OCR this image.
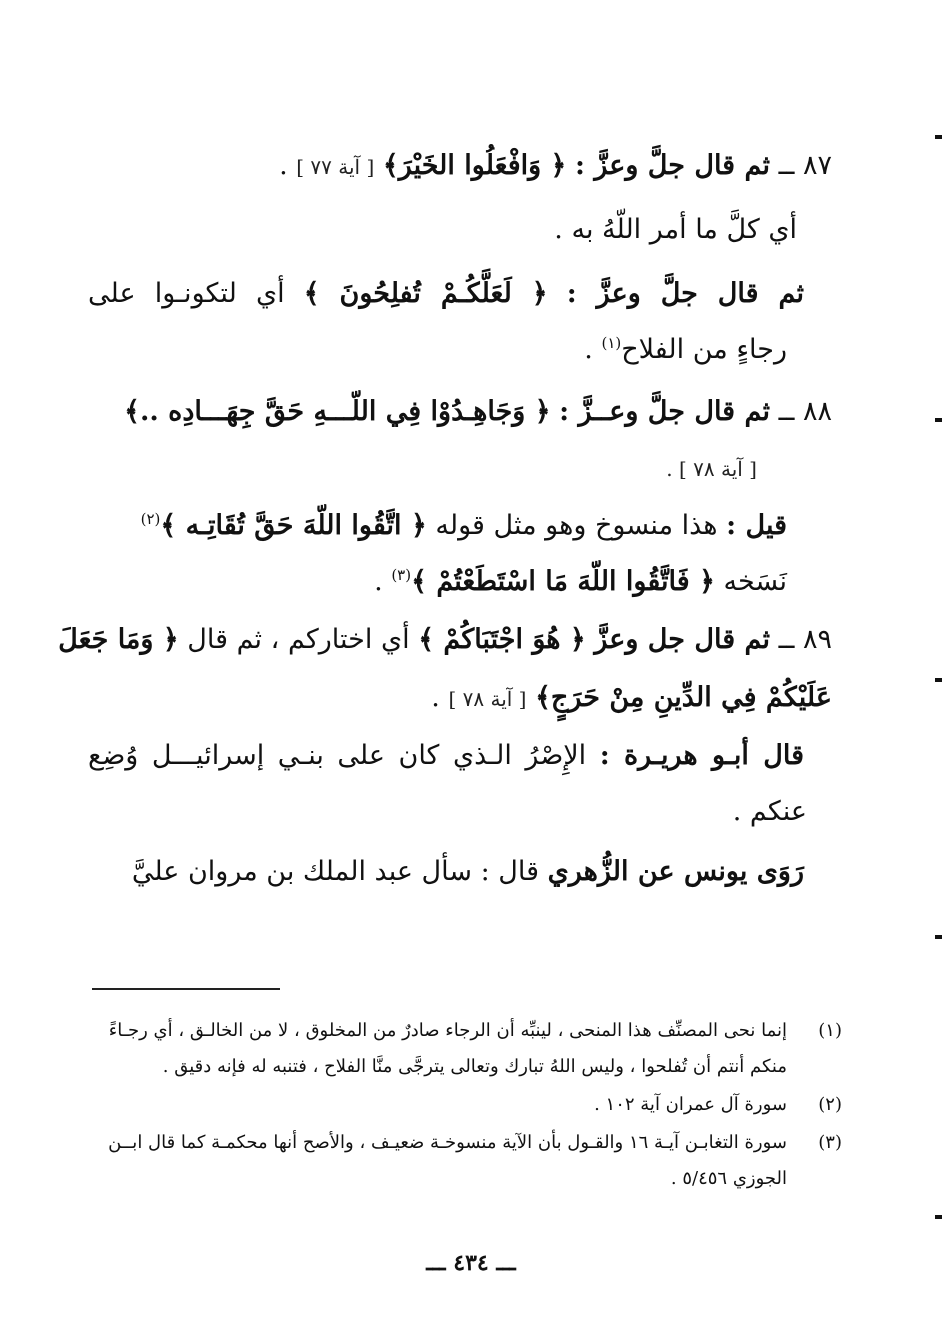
٨٧ ــ ثم قال جلَّ وعزَّ : ﴿ وَافْعَلُوا الخَيْرَ﴾ [ آية ٧٧ ] .
أي كلَّ ما أمر اللّهُ به .
ثم قال جلَّ وعزَّ : ﴿ لَعَلَّكُـمْ تُفلِحُونَ ﴾ أي لتكونـوا على
رجاءٍ من الفلاح$^{(١)}$ .
٨٨ ــ ثم قال جلَّ وعــزَّ : ﴿ وَجَاهِـدُوْا فِي اللّـــهِ حَقَّ جِهَـــادِه ..﴾
[ آية ٧٨ ] .
قيل : هذا منسوخ وهو مثل قوله ﴿ اتَّقُوا اللّهَ حَقَّ تُقَاتِـه ﴾$^{(٢)}$
نَسَخه ﴿ فَاتَّقُوا اللّهَ مَا اسْتَطَعْتُمْ ﴾$^{(٣)}$ .
٨٩ ــ ثم قال جل وعزَّ ﴿ هُوَ اجْتَبَاكُمْ ﴾ أي اختاركم ، ثم قال ﴿ وَمَا جَعَلَ
عَلَيْكُمْ فِي الدِّينِ مِنْ حَرَجٍ﴾ [ آية ٧٨ ] .
قال أبـو هريـرة : الإِصْرُ الـذي كان على بنـي إسرائيـــل وُضِع
عنكم .
رَوَى يونس عن الزُّهري قال : سأل عبد الملك بن مروان عليَّ
(١)
إنما نحى المصنِّف هذا المنحى ، لينبِّه أن الرجاء صادرٌ من المخلوق ، لا من الخالـق ، أي رجـاءً
منكم أنتم أن تُفلحوا ، وليس اللهُ تبارك وتعالى يترجَّى منَّا الفلاح ، فتنبه له فإنه دقيق .
(٢)
سورة آل عمران آية ١٠٢ .
(٣)
سورة التغابـن آيـة ١٦ والقـول بأن الآية منسوخـة ضعيـف ، والأصح أنها محكمـة كما قال ابــن
الجوزي ٥/٤٥٦ .
ـــ ٤٣٤ ـــ
